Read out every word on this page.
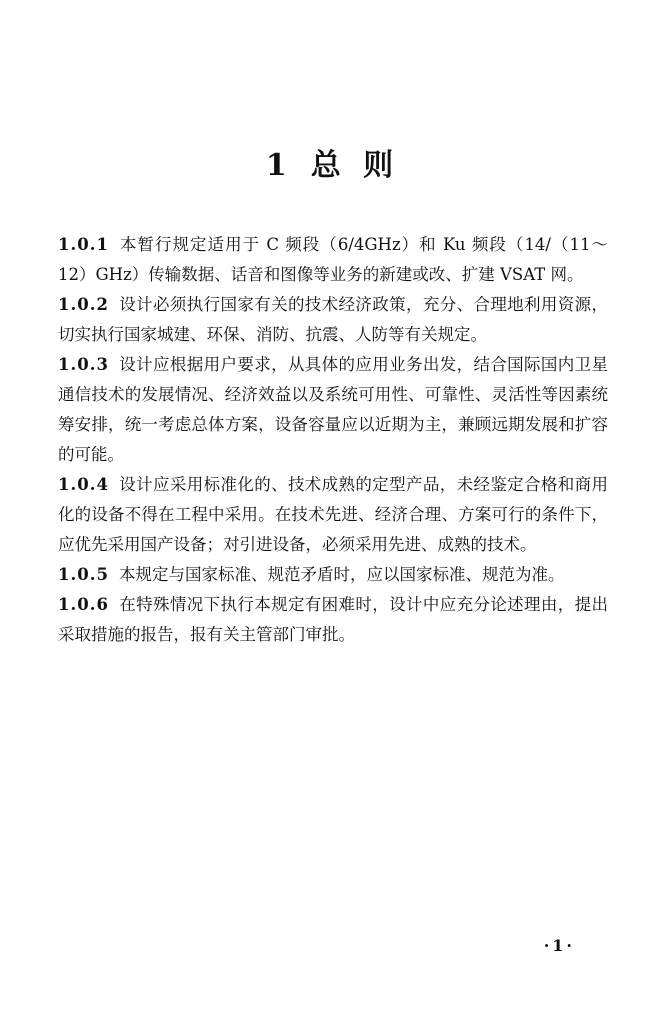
1 总 则

1.0.1 本暂行规定适用于 C 频段（6/4GHz）和 Ku 频段（14/（11～12）GHz）传输数据、话音和图像等业务的新建或改、扩建 VSAT 网。

1.0.2 设计必须执行国家有关的技术经济政策，充分、合理地利用资源，切实执行国家城建、环保、消防、抗震、人防等有关规定。

1.0.3 设计应根据用户要求，从具体的应用业务出发，结合国际国内卫星通信技术的发展情况、经济效益以及系统可用性、可靠性、灵活性等因素统筹安排，统一考虑总体方案，设备容量应以近期为主，兼顾远期发展和扩容的可能。

1.0.4 设计应采用标准化的、技术成熟的定型产品，未经鉴定合格和商用化的设备不得在工程中采用。在技术先进、经济合理、方案可行的条件下，应优先采用国产设备；对引进设备，必须采用先进、成熟的技术。

1.0.5 本规定与国家标准、规范矛盾时，应以国家标准、规范为准。

1.0.6 在特殊情况下执行本规定有困难时，设计中应充分论述理由，提出采取措施的报告，报有关主管部门审批。

·1·
